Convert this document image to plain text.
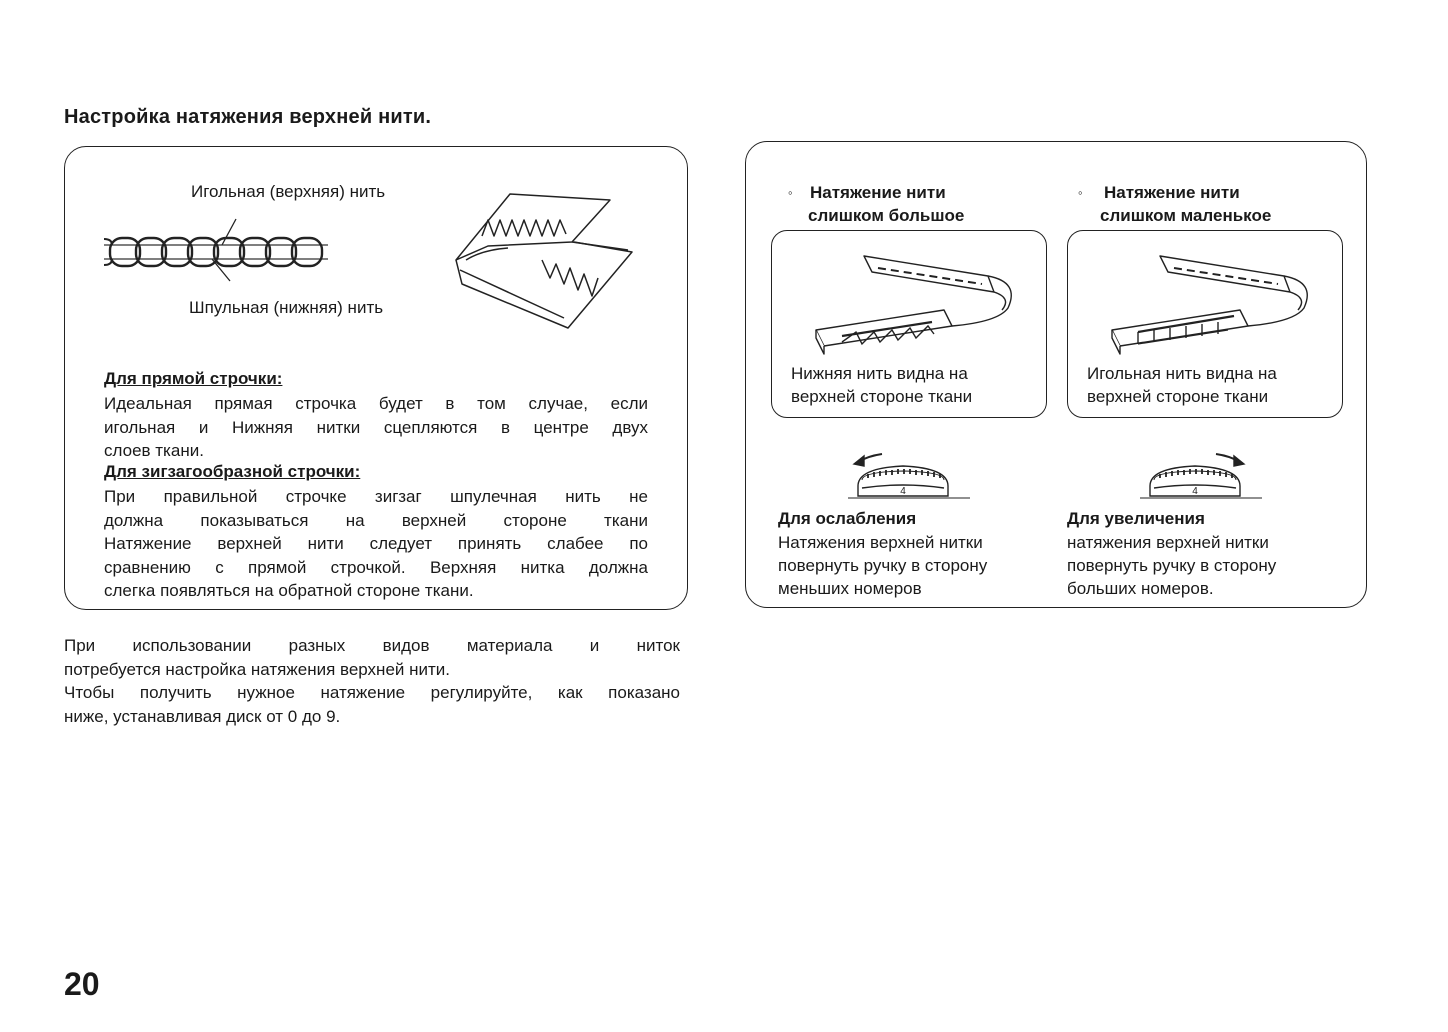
Настройка натяжения верхней нити.
Игольная (верхняя) нить
Шпульная (нижняя) нить
Для прямой строчки:
Идеальная прямая строчка будет в том случае, если
игольная и Нижняя нитки сцепляются в центре двух
слоев ткани.
Для зигзагообразной строчки:
При правильной строчке зигзаг шпулечная нить не
должна показываться на верхней стороне ткани
Натяжение верхней нити следует принять слабее по
сравнению с прямой строчкой. Верхняя нитка должна
слегка появляться на обратной стороне ткани.
При использовании разных видов материала и ниток
потребуется настройка натяжения верхней нити.
Чтобы получить нужное натяжение регулируйте, как показано
ниже, устанавливая диск от 0 до 9.
◦ Натяжение нити
слишком большое
Нижняя нить видна на
верхней стороне ткани
4
Для ослабления
Натяжения верхней нитки
повернуть ручку в сторону
меньших номеров
◦ Натяжение нити
слишком маленькое
Игольная нить видна на
верхней стороне ткани
4
Для увеличения
натяжения верхней нитки
повернуть ручку в сторону
больших номеров.
20
